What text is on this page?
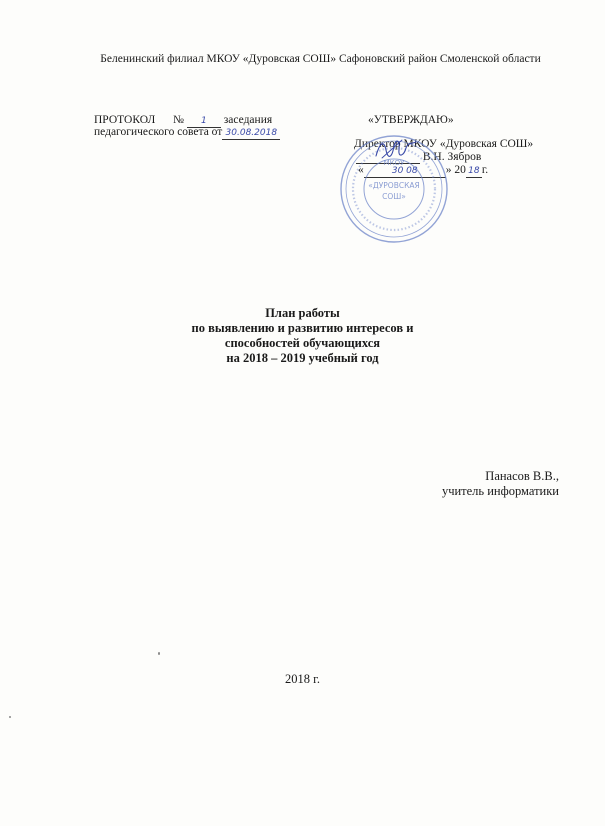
Беленинский филиал МКОУ «Дуровская СОШ» Сафоновский район Смоленской области
ПРОТОКОЛ № 1 заседания
педагогического совета от 30.08.2018
«УТВЕРЖДАЮ»
Директор МКОУ «Дуровская СОШ»
В.Н. Зябров
«	30 08 » 20 18 г.
МКОУ
«ДУРОВСКАЯ
СОШ»
План работы
по выявлению и развитию интересов и
способностей обучающихся
на 2018 – 2019 учебный год
Панасов В.В.,
учитель информатики
2018 г.
